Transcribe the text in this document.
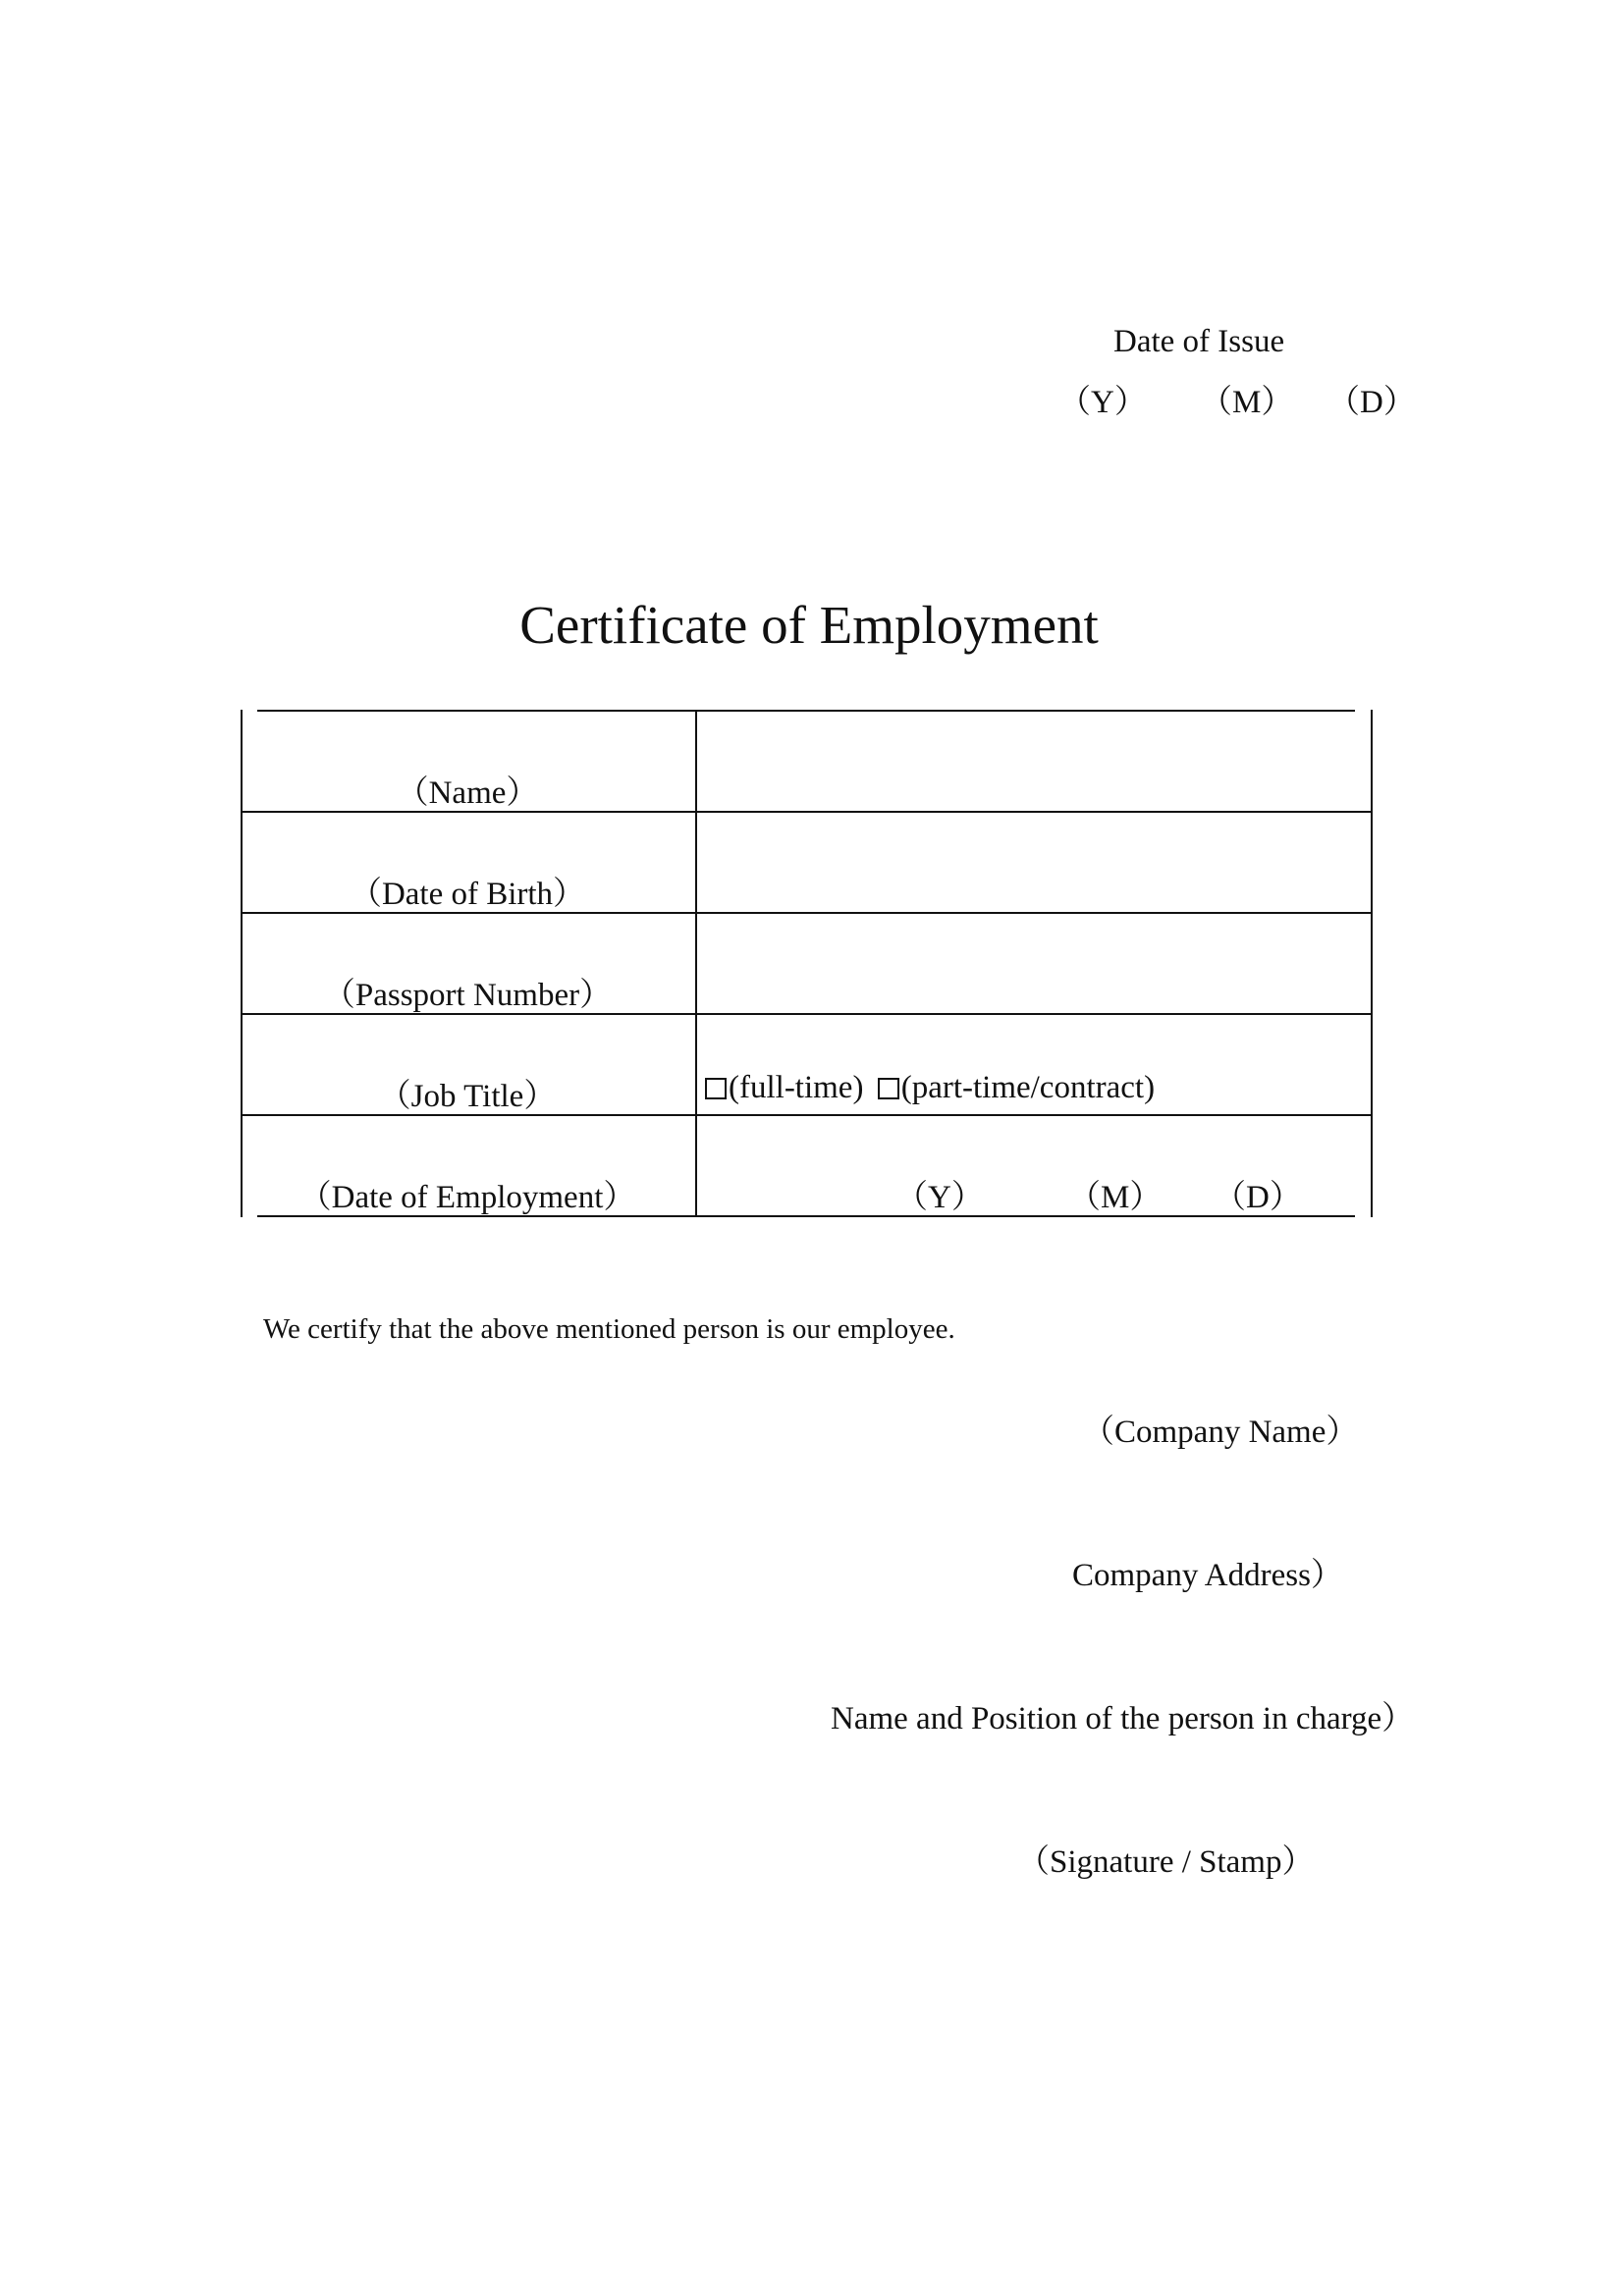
Date of Issue
（Y） （M） （D）
Certificate of Employment
（Name）
（Date of Birth）
（Passport Number）
（Job Title）
（Date of Employment）
(full-time) (part-time/contract)
（Y）	（M） （D）
We certify that the above mentioned person is our employee.
（Company Name）
Company Address）
Name and Position of the person in charge）
（Signature / Stamp）
